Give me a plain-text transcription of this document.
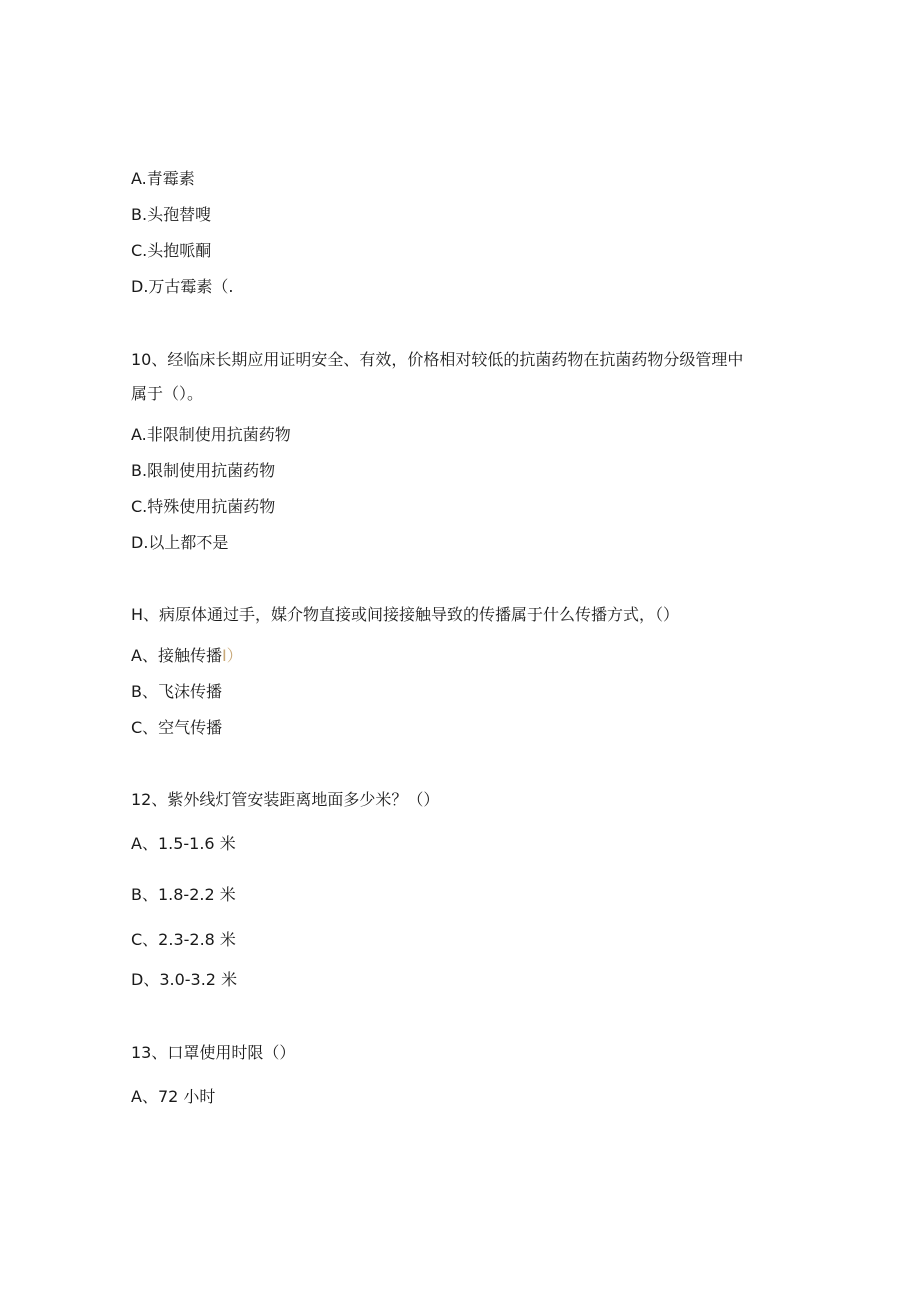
A.青霉素
B.头孢替嗖
C.头抱哌酮
D.万古霉素（.
10、经临床长期应用证明安全、有效，价格相对较低的抗菌药物在抗菌药物分级管理中
属于（）。
A.非限制使用抗菌药物
B.限制使用抗菌药物
C.特殊使用抗菌药物
D.以上都不是
H、病原体通过手，媒介物直接或间接接触导致的传播属于什么传播方式，（）
A、接触传播I）
B、飞沫传播
C、空气传播
12、紫外线灯管安装距离地面多少米？（）
A、1.5-1.6 米
B、1.8-2.2 米
C、2.3-2.8 米
D、3.0-3.2 米
13、口罩使用时限（）
A、72 小时
